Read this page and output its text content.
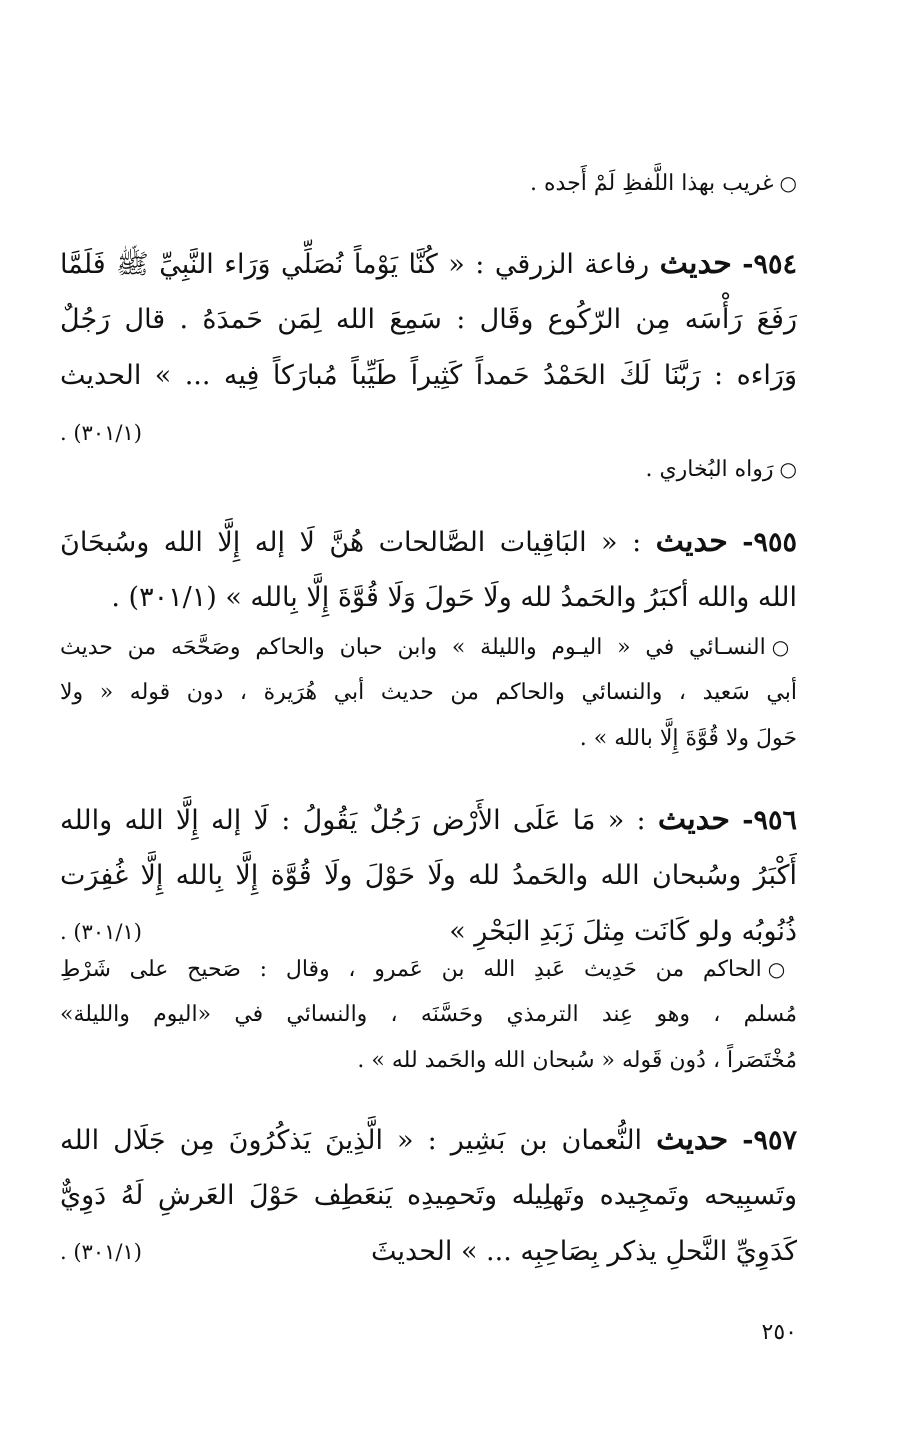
○غريب بهذا اللَّفظِ لَمْ أَجده .
٩٥٤- حديث رفاعة الزرقي : « كُنَّا يَوْماً نُصَلِّي وَرَاء النَّبِيِّ ﷺ فَلَمَّا
رَفَعَ رَأْسَه مِن الرّكُوع وقَال : سَمِعَ الله لِمَن حَمدَهُ . قال رَجُلٌ
وَرَاءه : رَبَّنَا لَكَ الحَمْدُ حَمداً كَثِيراً طَيِّباً مُبارَكاً فِيه ... » الحديث
(٣٠١/١) .
○رَواه البُخاري .
٩٥٥- حديث : « البَاقِيات الصَّالحات هُنَّ لَا إله إِلَّا الله وسُبحَانَ
الله والله أكبَرُ والحَمدُ لله ولَا حَولَ وَلَا قُوَّةَ إِلَّا بِالله » (٣٠١/١) .
○النسـائي في « اليـوم والليلة » وابن حبان والحاكم وصَحَّحَه من حديث
أبي سَعيد ، والنسائي والحاكم من حديث أبي هُرَيرة ، دون قوله « ولا
حَولَ ولا قُوَّةَ إِلَّا بالله » .
٩٥٦- حديث : « مَا عَلَى الأَرْض رَجُلٌ يَقُولُ : لَا إله إِلَّا الله والله
أَكْبَرُ وسُبحان الله والحَمدُ لله ولَا حَوْلَ ولَا قُوَّة إِلَّا بِالله إِلَّا غُفِرَت
ذُنُوبُه ولو كَانَت مِثلَ زَبَدِ البَحْرِ »
(٣٠١/١) .
○الحاكم من حَدِيث عَبدِ الله بن عَمرو ، وقال : صَحيح على شَرْطِ
مُسلم ، وهو عِند الترمذي وحَسَّنَه ، والنسائي في «اليوم والليلة»
مُخْتَصَراً ، دُون قَوله « سُبحان الله والحَمد لله » .
٩٥٧- حديث النُّعمان بن بَشِير : « الَّذِينَ يَذكُرُونَ مِن جَلَال الله
وتَسبِيحه وتَمجِيده وتَهلِيله وتَحمِيدِه يَنعَطِف حَوْلَ العَرشِ لَهُ دَوِيٌّ
كَدَوِيِّ النَّحلِ يذكر بِصَاحِبِه ... » الحديثَ
(٣٠١/١) .
٢٥٠
